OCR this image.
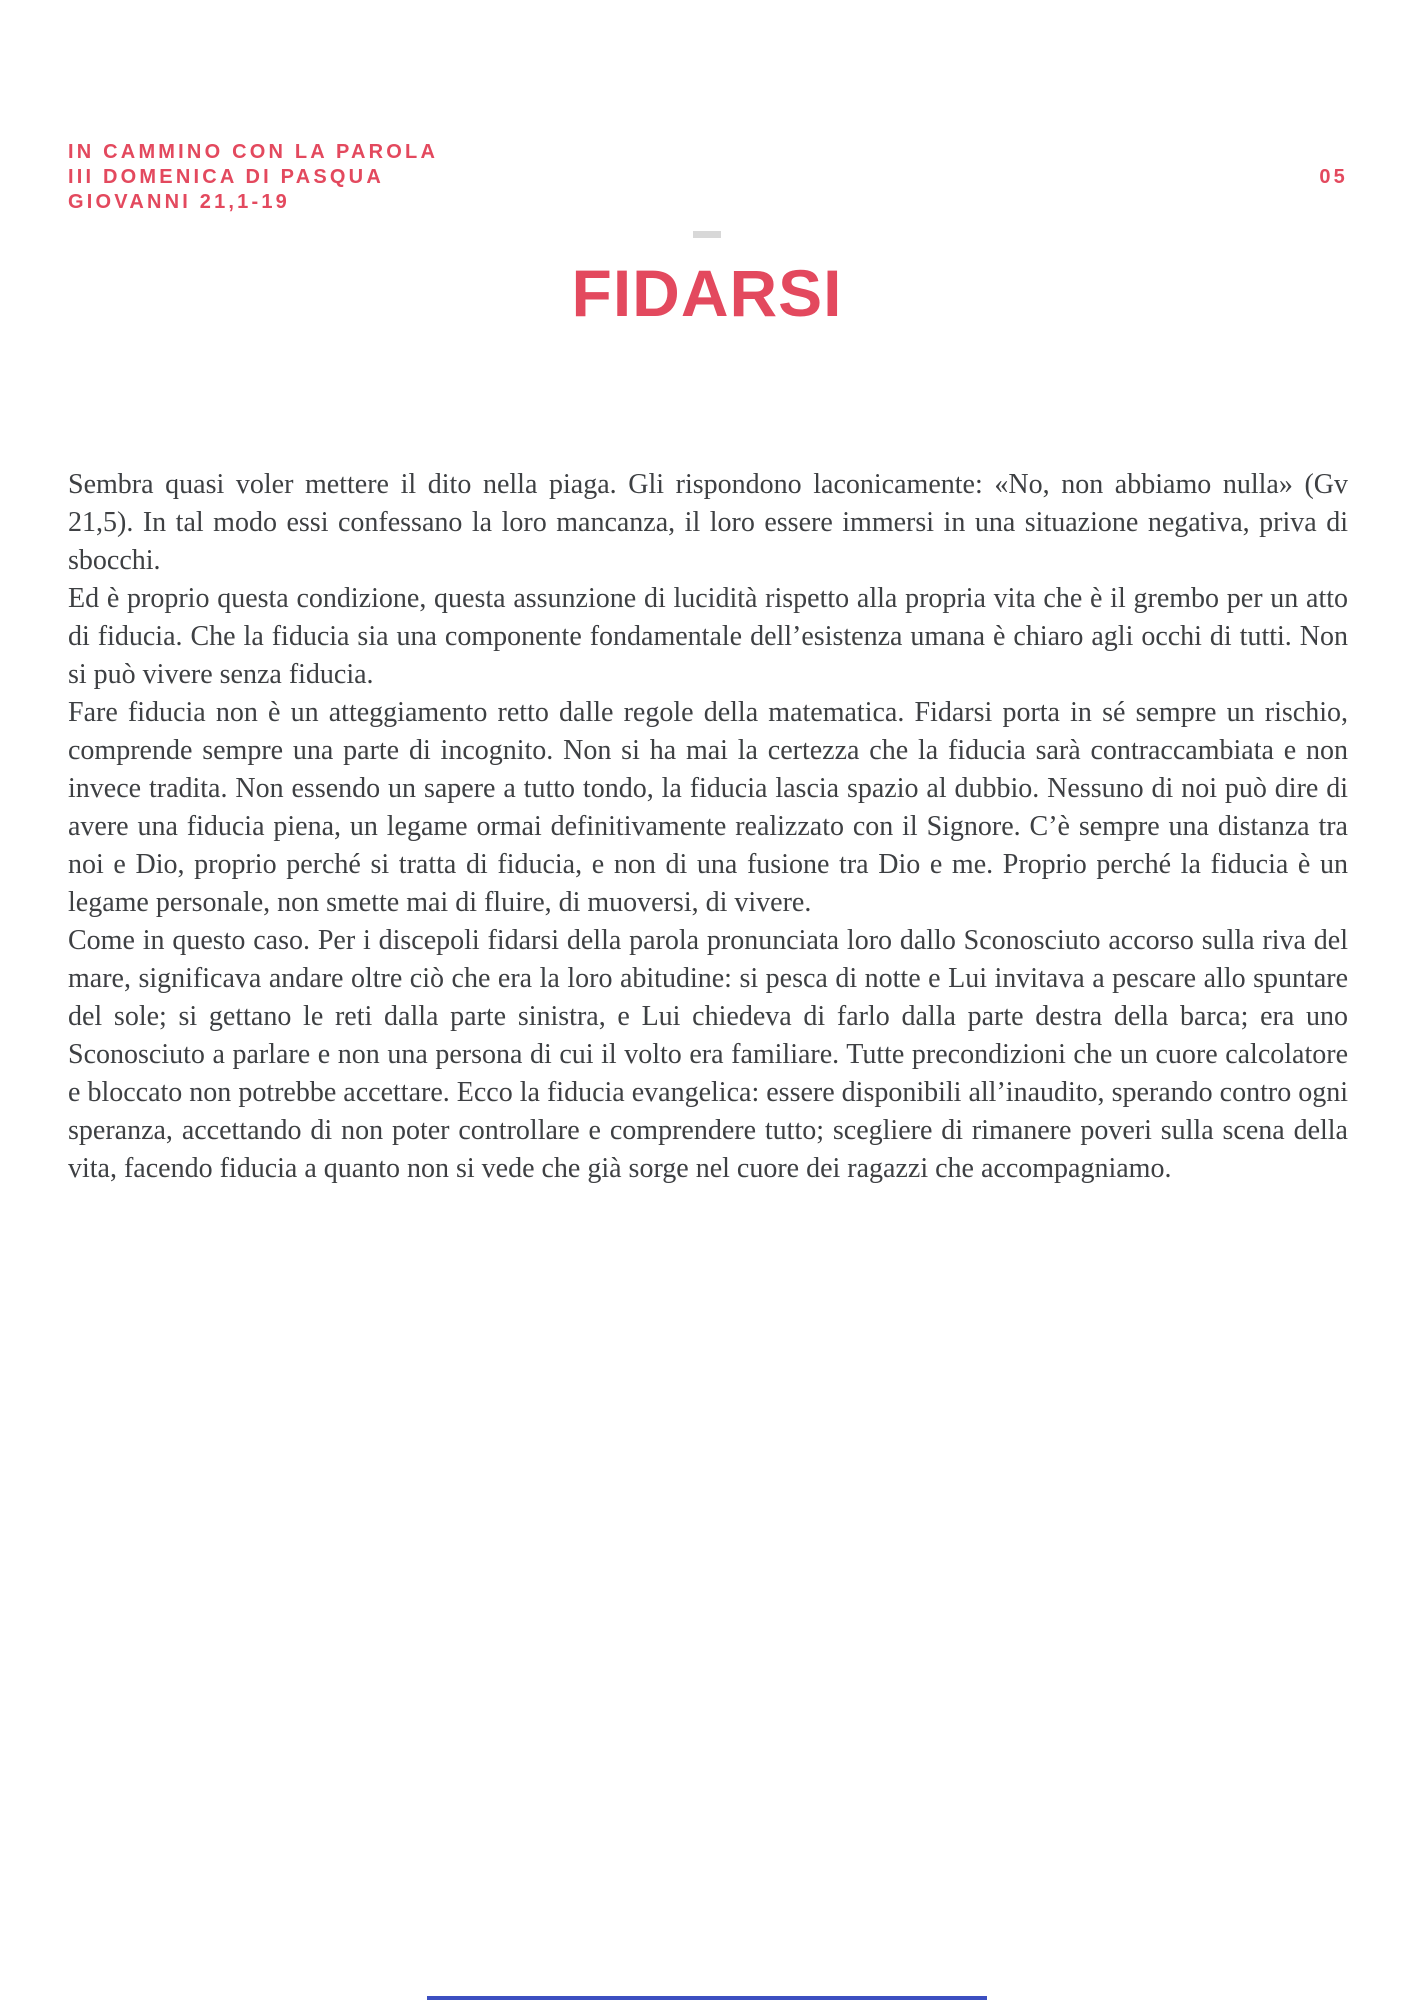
IN CAMMINO CON LA PAROLA
III DOMENICA DI PASQUA
GIOVANNI 21,1-19
05
FIDARSI

Sembra quasi voler mettere il dito nella piaga. Gli rispondono laconicamente: «No, non abbiamo nulla» (Gv 21,5). In tal modo essi confessano la loro mancanza, il loro essere immersi in una situazione negativa, priva di sbocchi.

Ed è proprio questa condizione, questa assunzione di lucidità rispetto alla propria vita che è il grembo per un atto di fiducia. Che la fiducia sia una componente fondamentale dell’esistenza umana è chiaro agli occhi di tutti. Non si può vivere senza fiducia.

Fare fiducia non è un atteggiamento retto dalle regole della matematica. Fidarsi porta in sé sempre un rischio, comprende sempre una parte di incognito. Non si ha mai la certezza che la fiducia sarà contraccambiata e non invece tradita. Non essendo un sapere a tutto tondo, la fiducia lascia spazio al dubbio. Nessuno di noi può dire di avere una fiducia piena, un legame ormai definitivamente realizzato con il Signore. C’è sempre una distanza tra noi e Dio, proprio perché si tratta di fiducia, e non di una fusione tra Dio e me. Proprio perché la fiducia è un legame personale, non smette mai di fluire, di muoversi, di vivere.

Come in questo caso. Per i discepoli fidarsi della parola pronunciata loro dallo Sconosciuto accorso sulla riva del mare, significava andare oltre ciò che era la loro abitudine: si pesca di notte e Lui invitava a pescare allo spuntare del sole; si gettano le reti dalla parte sinistra, e Lui chiedeva di farlo dalla parte destra della barca; era uno Sconosciuto a parlare e non una persona di cui il volto era familiare. Tutte precondizioni che un cuore calcolatore e bloccato non potrebbe accettare. Ecco la fiducia evangelica: essere disponibili all’inaudito, sperando contro ogni speranza, accettando di non poter controllare e comprendere tutto; scegliere di rimanere poveri sulla scena della vita, facendo fiducia a quanto non si vede che già sorge nel cuore dei ragazzi che accompagniamo.
